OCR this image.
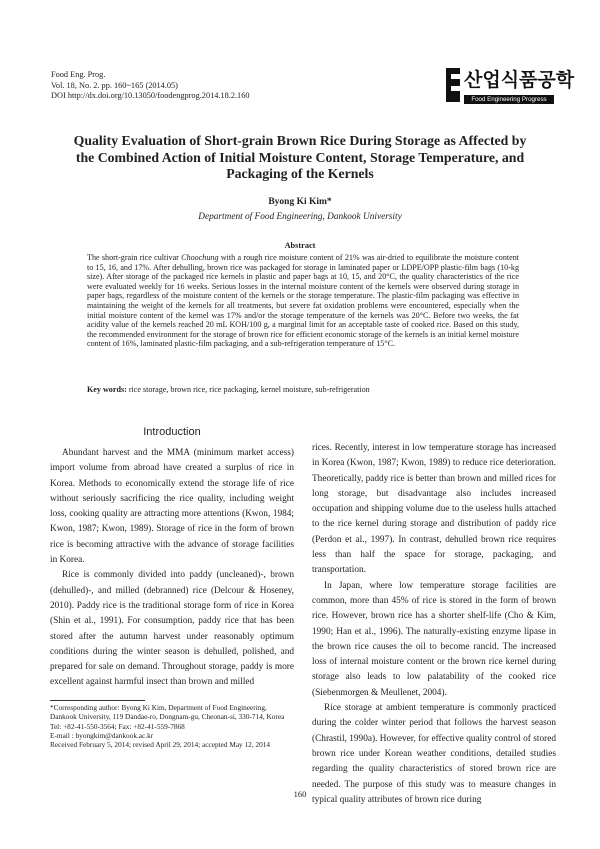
Food Eng. Prog.
Vol. 18, No. 2. pp. 160~165 (2014.05)
DOI http://dx.doi.org/10.13050/foodengprog.2014.18.2.160
산업식품공학
Food Engineering Progress
Quality Evaluation of Short-grain Brown Rice During Storage as Affected by the Combined Action of Initial Moisture Content, Storage Temperature, and Packaging of the Kernels
Byong Ki Kim*
Department of Food Engineering, Dankook University
Abstract
The short-grain rice cultivar Choochung with a rough rice moisture content of 21% was air-dried to equilibrate the moisture content to 15, 16, and 17%. After dehulling, brown rice was packaged for storage in laminated paper or LDPE/OPP plastic-film bags (10-kg size). After storage of the packaged rice kernels in plastic and paper bags at 10, 15, and 20°C, the quality characteristics of the rice were evaluated weekly for 16 weeks. Serious losses in the internal moisture content of the kernels were observed during storage in paper bags, regardless of the moisture content of the kernels or the storage temperature. The plastic-film packaging was effective in maintaining the weight of the kernels for all treatments, but severe fat oxidation problems were encountered, especially when the initial moisture content of the kernel was 17% and/or the storage temperature of the kernels was 20°C. Before two weeks, the fat acidity value of the kernels reached 20 mL KOH/100 g, a marginal limit for an acceptable taste of cooked rice. Based on this study, the recommended environment for the storage of brown rice for efficient economic storage of the kernels is an initial kernel moisture content of 16%, laminated plastic-film packaging, and a sub-refrigeration temperature of 15°C.
Key words: rice storage, brown rice, rice packaging, kernel moisture, sub-refrigeration
Introduction

Abundant harvest and the MMA (minimum market access) import volume from abroad have created a surplus of rice in Korea. Methods to economically extend the storage life of rice without seriously sacrificing the rice quality, including weight loss, cooking quality are attracting more attentions (Kwon, 1984; Kwon, 1987; Kwon, 1989). Storage of rice in the form of brown rice is becoming attractive with the advance of storage facilities in Korea.

Rice is commonly divided into paddy (uncleaned)-, brown (dehulled)-, and milled (debranned) rice (Delcour & Hoseney, 2010). Paddy rice is the traditional storage form of rice in Korea (Shin et al., 1991). For consumption, paddy rice that has been stored after the autumn harvest under reasonably optimum conditions during the winter season is dehulled, polished, and prepared for sale on demand. Throughout storage, paddy is more excellent against harmful insect than brown and milled

*Corresponding author: Byong Ki Kim, Department of Food Engineering, Dankook University, 119 Dandae-ro, Dongnam-gu, Cheonan-si, 330-714, Korea
Tel: +82-41-550-3564; Fax: +82-41-559-7868
E-mail : byongkim@dankook.ac.kr
Received February 5, 2014; revised April 29, 2014; accepted May 12, 2014

rices. Recently, interest in low temperature storage has increased in Korea (Kwon, 1987; Kwon, 1989) to reduce rice deterioration. Theoretically, paddy rice is better than brown and milled rices for long storage, but disadvantage also includes increased occupation and shipping volume due to the useless hulls attached to the rice kernel during storage and distribution of paddy rice (Perdon et al., 1997). In contrast, dehulled brown rice requires less than half the space for storage, packaging, and transportation.

In Japan, where low temperature storage facilities are common, more than 45% of rice is stored in the form of brown rice. However, brown rice has a shorter shelf-life (Cho & Kim, 1990; Han et al., 1996). The naturally-existing enzyme lipase in the brown rice causes the oil to become rancid. The increased loss of internal moisture content or the brown rice kernel during storage also leads to low palatability of the cooked rice (Siebenmorgen & Meullenet, 2004).

Rice storage at ambient temperature is commonly practiced during the colder winter period that follows the harvest season (Chrastil, 1990a). However, for effective quality control of stored brown rice under Korean weather conditions, detailed studies regarding the quality characteristics of stored brown rice are needed. The purpose of this study was to measure changes in typical quality attributes of brown rice during

160
